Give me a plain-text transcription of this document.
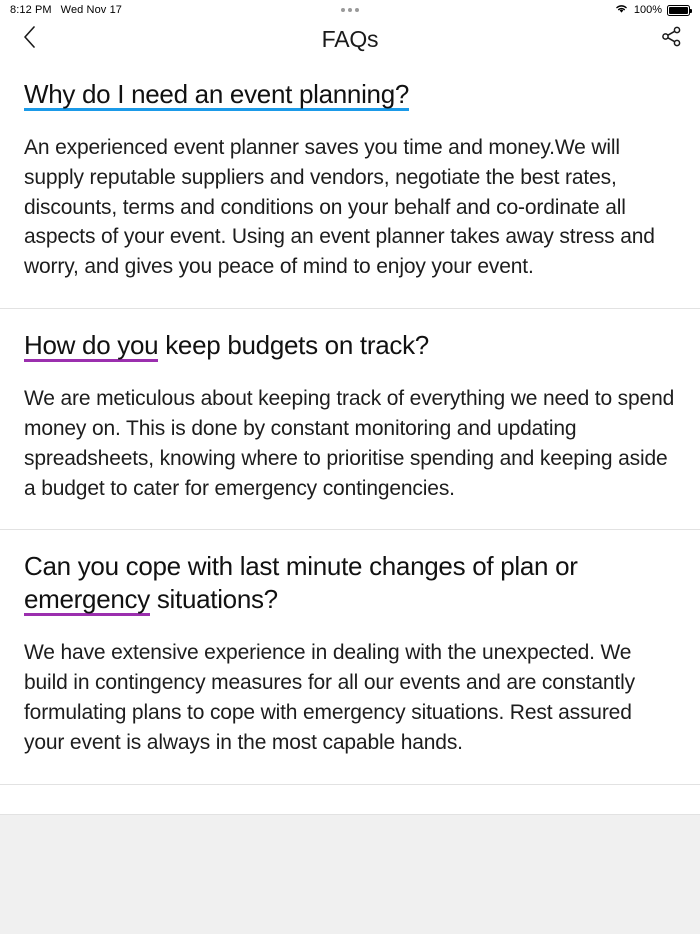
8:12 PM Wed Nov 17	100%
FAQs
Why do I need an event planning?
An experienced event planner saves you time and money.We will supply reputable suppliers and vendors, negotiate the best rates, discounts, terms and conditions on your behalf and co-ordinate all aspects of your event. Using an event planner takes away stress and worry, and gives you peace of mind to enjoy your event.
How do you keep budgets on track?
We are meticulous about keeping track of everything we need to spend money on. This is done by constant monitoring and updating spreadsheets, knowing where to prioritise spending and keeping aside a budget to cater for emergency contingencies.
Can you cope with last minute changes of plan or emergency situations?
We have extensive experience in dealing with the unexpected. We build in contingency measures for all our events and are constantly formulating plans to cope with emergency situations. Rest assured your event is always in the most capable hands.
